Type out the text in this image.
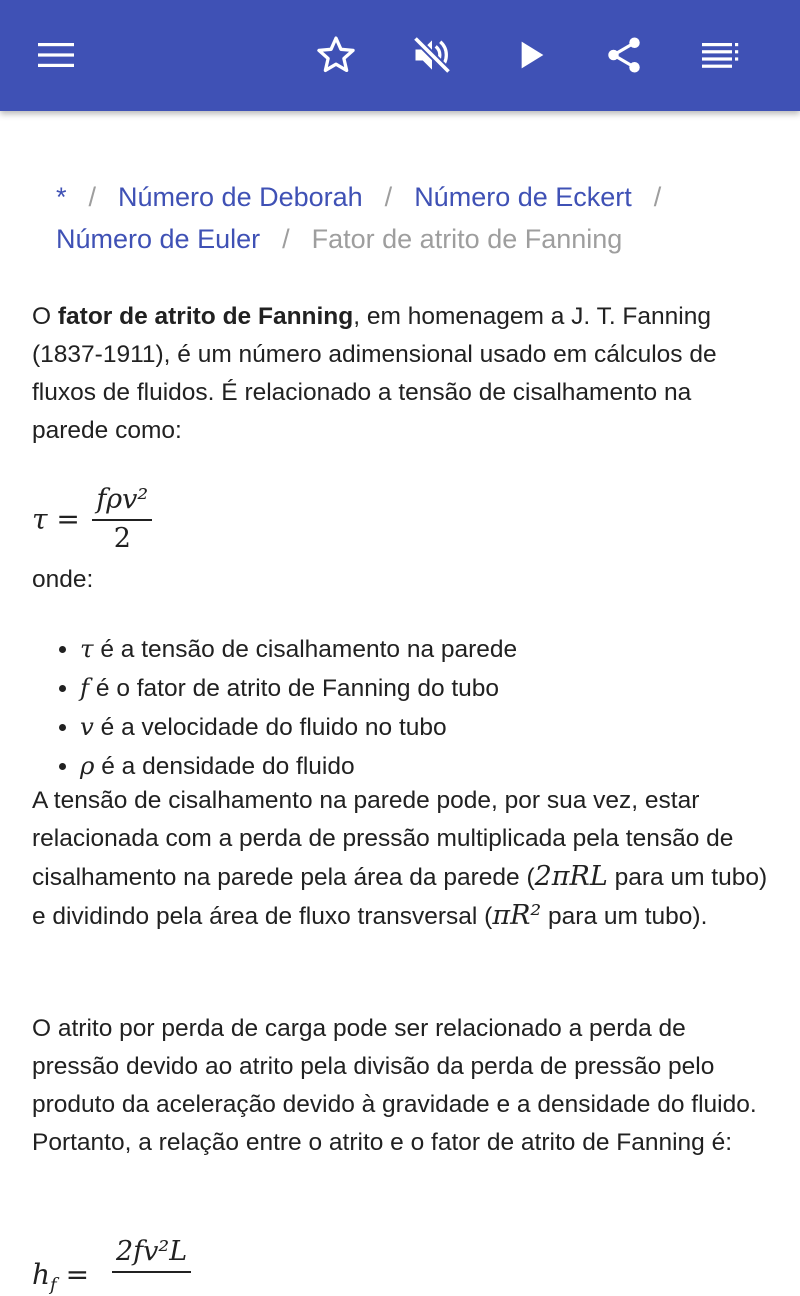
* / Número de Deborah / Número de Eckert /
Número de Euler / Fator de atrito de Fanning

O fator de atrito de Fanning, em homenagem a J. T. Fanning (1837-1911), é um número adimensional usado em cálculos de fluxos de fluidos. É relacionado a tensão de cisalhamento na parede como:

$\tau = \frac{\text{fρv²}}{2}$

onde:

• τ é a tensão de cisalhamento na parede
• f é o fator de atrito de Fanning do tubo
• v é a velocidade do fluido no tubo
• ρ é a densidade do fluido

A tensão de cisalhamento na parede pode, por sua vez, estar relacionada com a perda de pressão multiplicada pela tensão de cisalhamento na parede pela área da parede (2πRL para um tubo) e dividindo pela área de fluxo transversal (πR² para um tubo).

O atrito por perda de carga pode ser relacionado a perda de pressão devido ao atrito pela divisão da perda de pressão pelo produto da aceleração devido à gravidade e a densidade do fluido. Portanto, a relação entre o atrito e o fator de atrito de Fanning é:

$h_f$ =
2fv²L
